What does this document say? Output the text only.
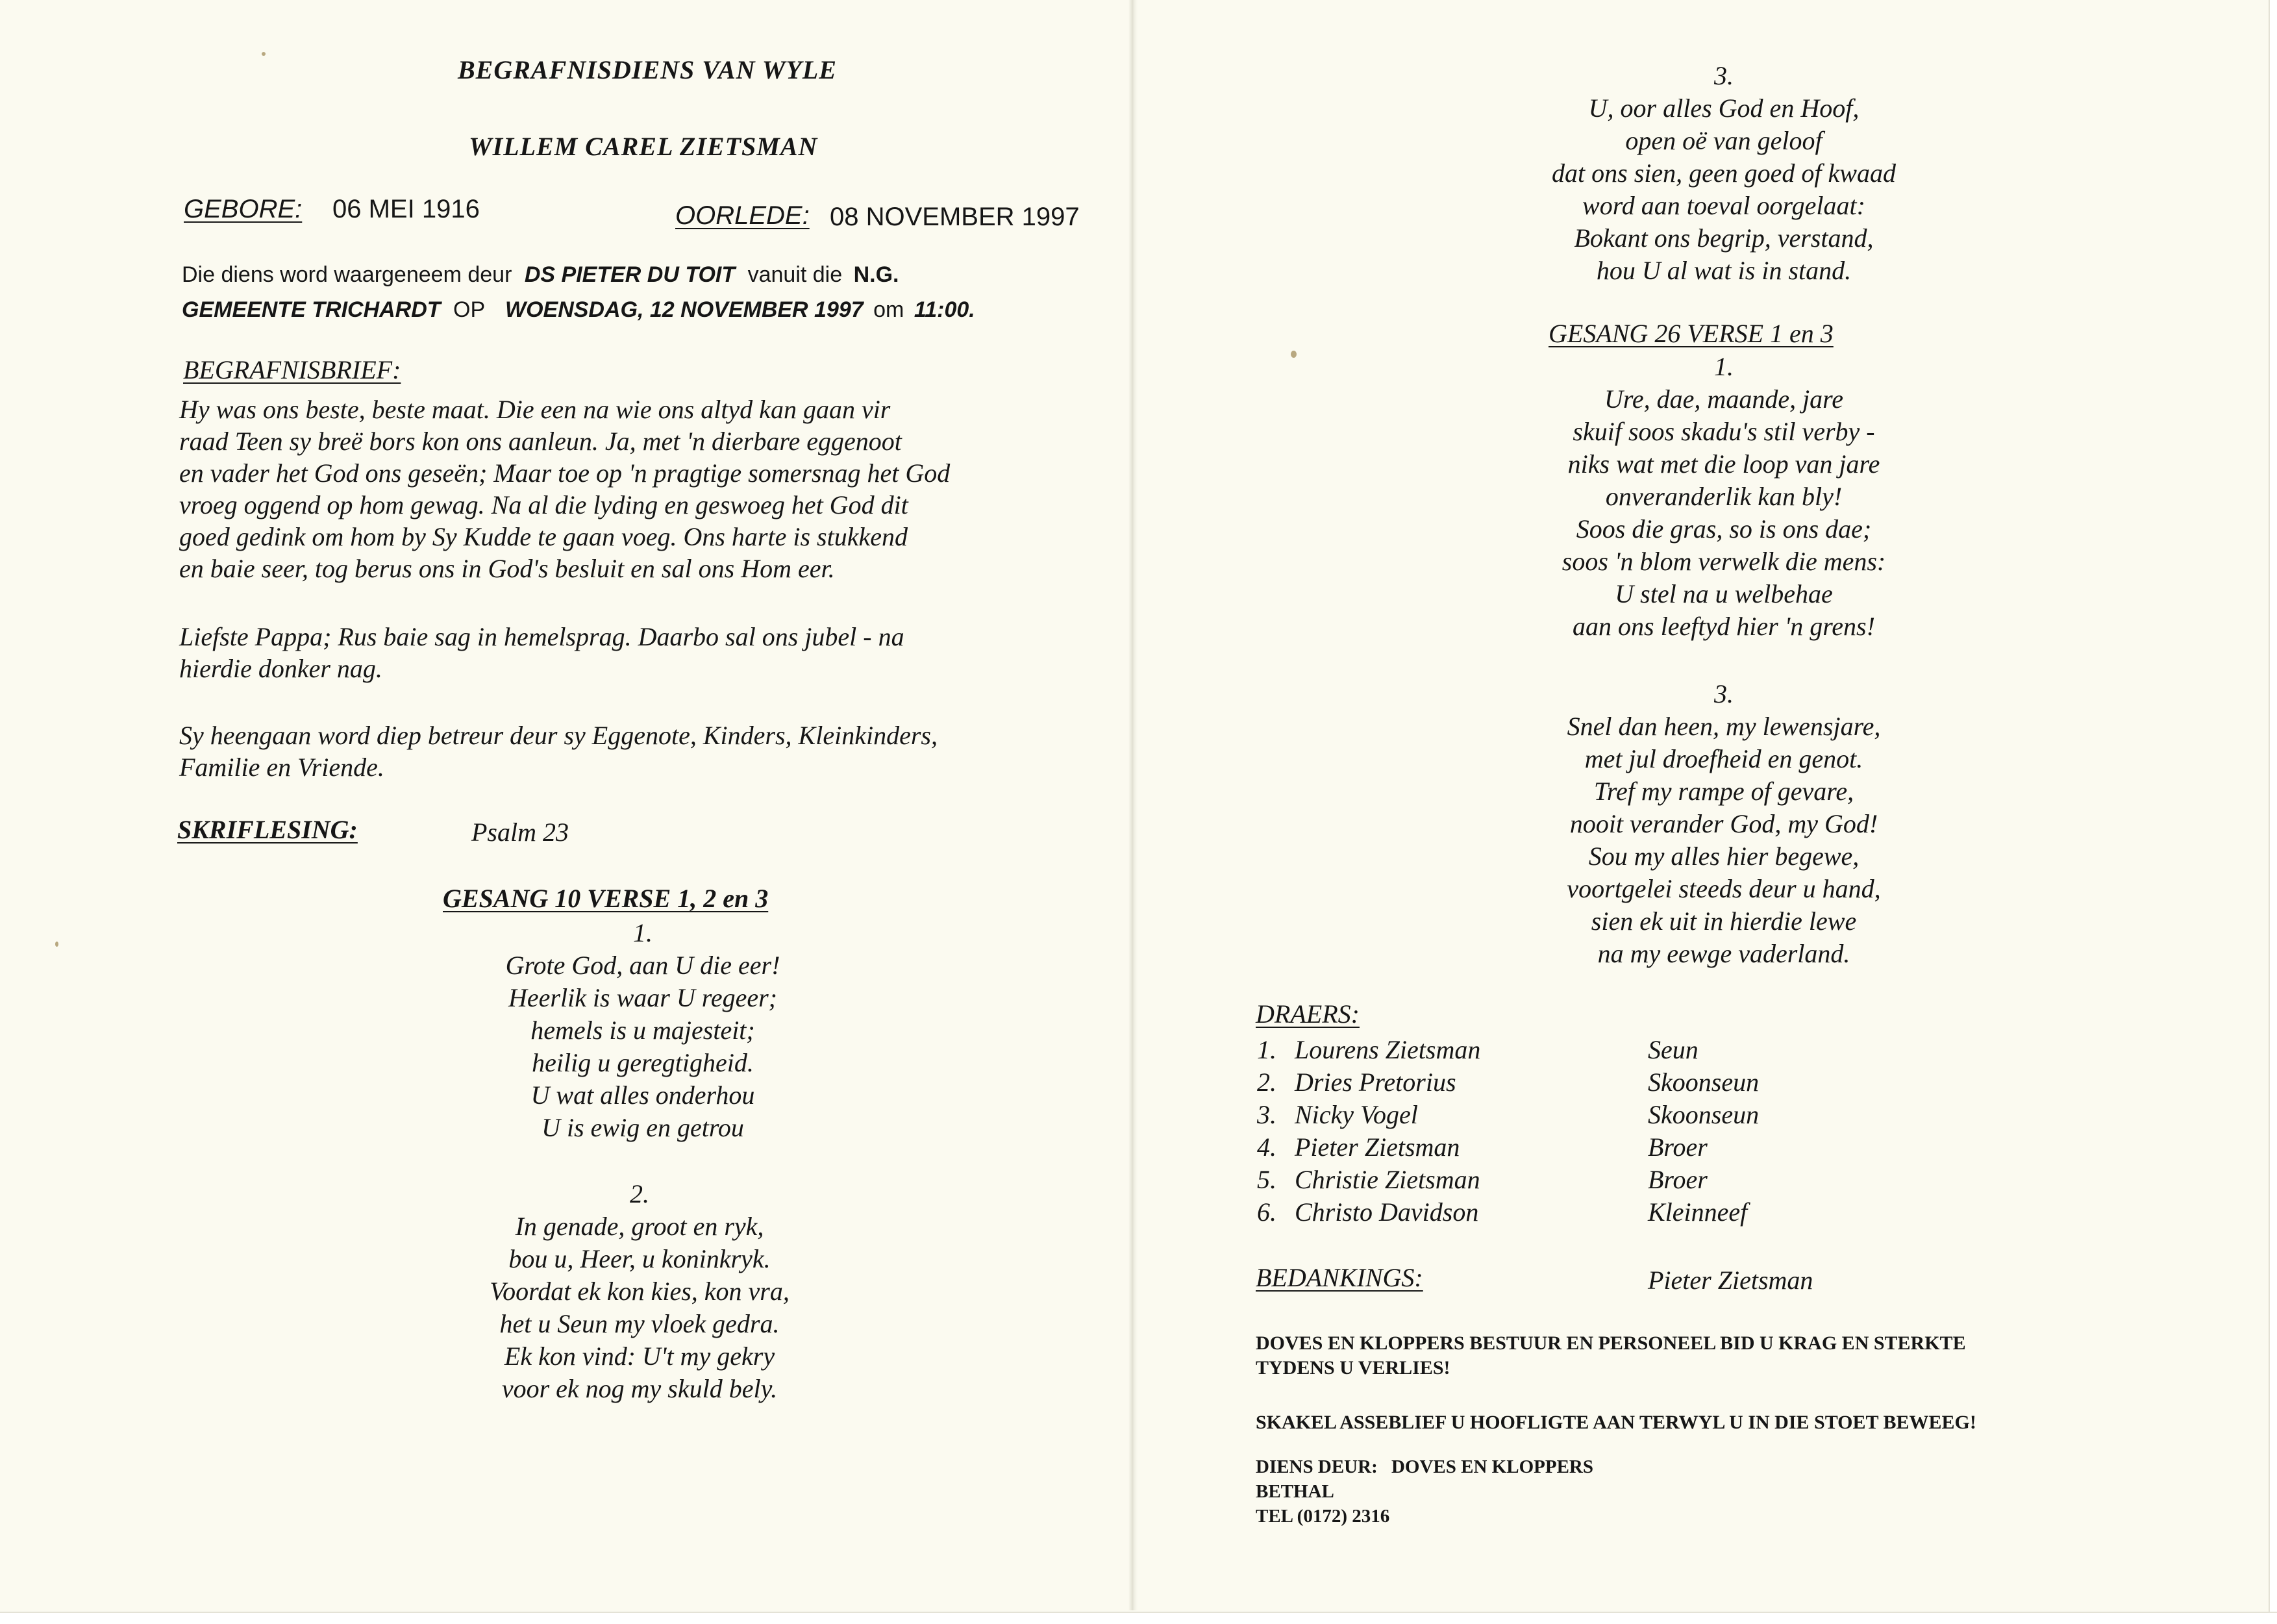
BEGRAFNISDIENS VAN WYLE
WILLEM CAREL ZIETSMAN
GEBORE: 06 MEI 1916	OORLEDE: 08 NOVEMBER 1997
Die diens word waargeneem deur DS PIETER DU TOIT vanuit die N.G.
GEMEENTE TRICHARDT OP WOENSDAG, 12 NOVEMBER 1997 om 11:00.
BEGRAFNISBRIEF:
Hy was ons beste, beste maat. Die een na wie ons altyd kan gaan vir
raad Teen sy breë bors kon ons aanleun. Ja, met 'n dierbare eggenoot
en vader het God ons geseën; Maar toe op 'n pragtige somersnag het God
vroeg oggend op hom gewag. Na al die lyding en geswoeg het God dit
goed gedink om hom by Sy Kudde te gaan voeg. Ons harte is stukkend
en baie seer, tog berus ons in God's besluit en sal ons Hom eer.
Liefste Pappa; Rus baie sag in hemelsprag. Daarbo sal ons jubel - na
hierdie donker nag.
Sy heengaan word diep betreur deur sy Eggenote, Kinders, Kleinkinders,
Familie en Vriende.
SKRIFLESING:	Psalm 23
GESANG 10 VERSE 1, 2 en 3
1.
Grote God, aan U die eer!
Heerlik is waar U regeer;
hemels is u majesteit;
heilig u geregtigheid.
U wat alles onderhou
U is ewig en getrou
2.
In genade, groot en ryk,
bou u, Heer, u koninkryk.
Voordat ek kon kies, kon vra,
het u Seun my vloek gedra.
Ek kon vind: U't my gekry
voor ek nog my skuld bely.
3.
U, oor alles God en Hoof,
open oë van geloof
dat ons sien, geen goed of kwaad
word aan toeval oorgelaat:
Bokant ons begrip, verstand,
hou U al wat is in stand.
GESANG 26 VERSE 1 en 3
1.
Ure, dae, maande, jare
skuif soos skadu's stil verby -
niks wat met die loop van jare
onveranderlik kan bly!
Soos die gras, so is ons dae;
soos 'n blom verwelk die mens:
U stel na u welbehae
aan ons leeftyd hier 'n grens!
3.
Snel dan heen, my lewensjare,
met jul droefheid en genot.
Tref my rampe of gevare,
nooit verander God, my God!
Sou my alles hier begewe,
voortgelei steeds deur u hand,
sien ek uit in hierdie lewe
na my eewge vaderland.
DRAERS:
1. Lourens Zietsman	Seun
2. Dries Pretorius	Skoonseun
3. Nicky Vogel	Skoonseun
4. Pieter Zietsman	Broer
5. Christie Zietsman	Broer
6. Christo Davidson	Kleinneef
BEDANKINGS:	Pieter Zietsman
DOVES EN KLOPPERS BESTUUR EN PERSONEEL BID U KRAG EN STERKTE
TYDENS U VERLIES!
SKAKEL ASSEBLIEF U HOOFLIGTE AAN TERWYL U IN DIE STOET BEWEEG!
DIENS DEUR: DOVES EN KLOPPERS
BETHAL
TEL (0172) 2316
